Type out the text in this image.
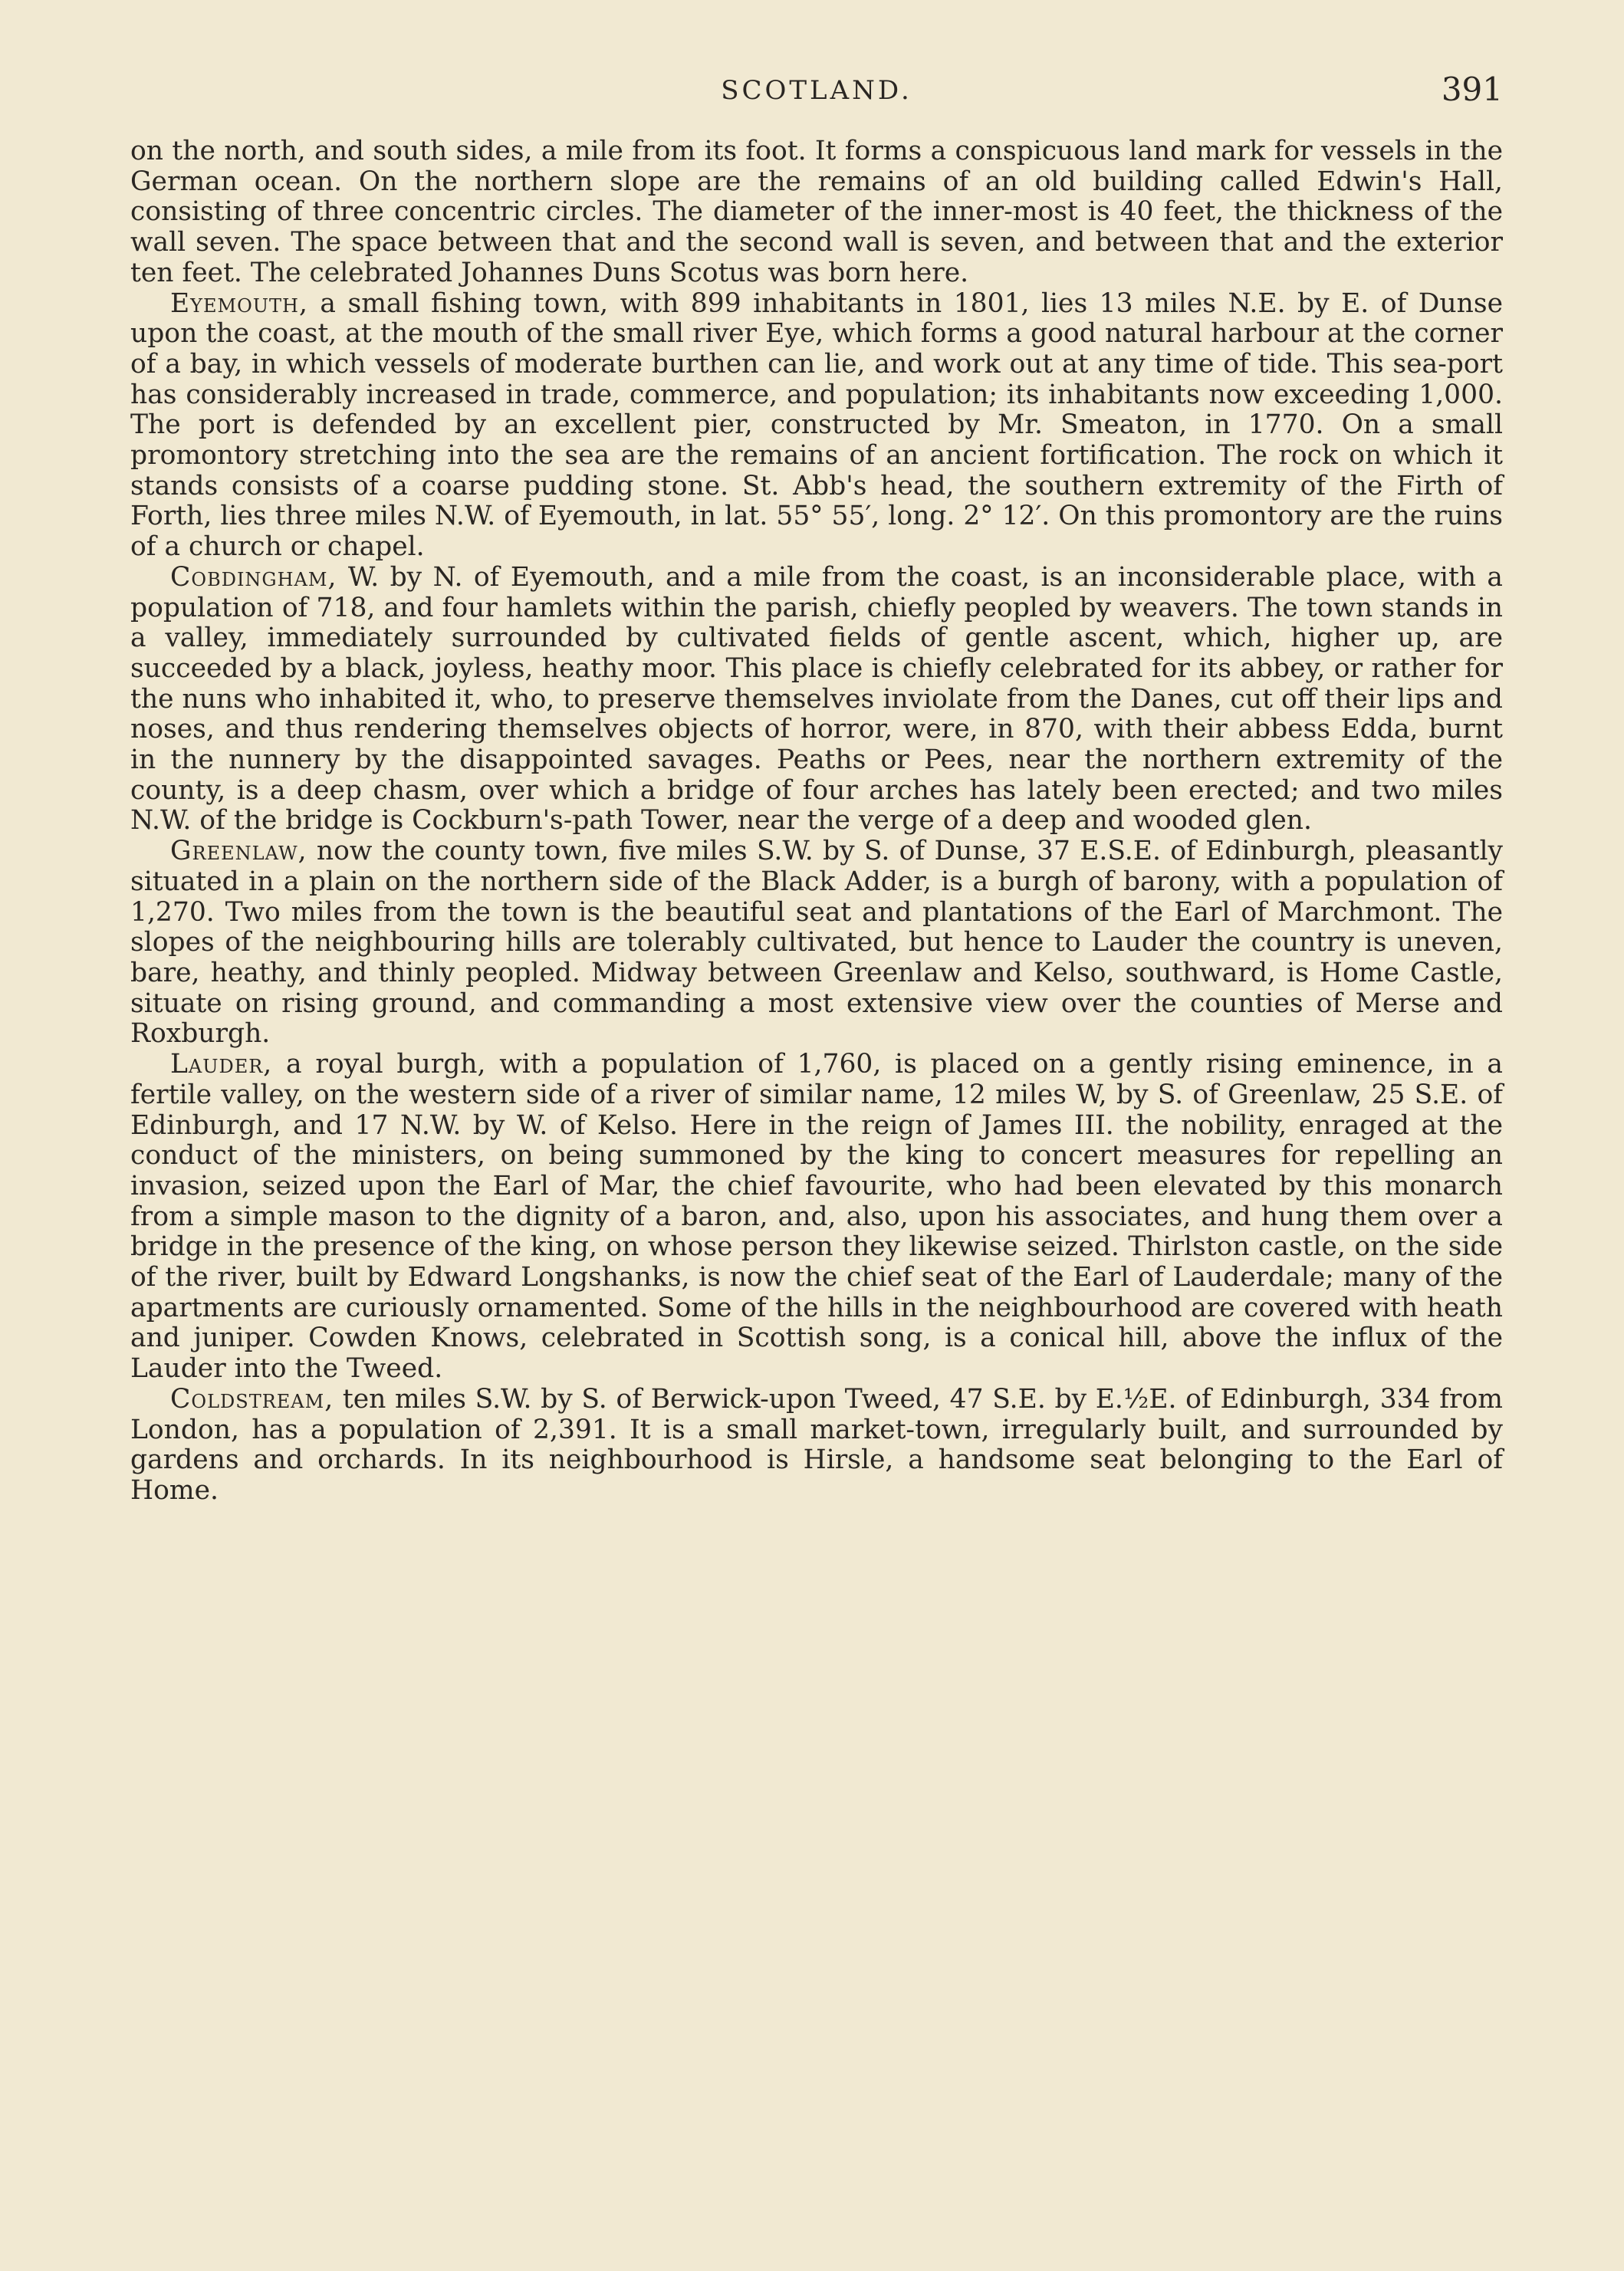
SCOTLAND.	391

on the north, and south sides, a mile from its foot. It forms a conspicuous land mark for vessels in the German ocean. On the northern slope are the remains of an old building called Edwin's Hall, consisting of three concentric circles. The diameter of the inner-most is 40 feet, the thickness of the wall seven. The space between that and the second wall is seven, and between that and the exterior ten feet. The celebrated Johannes Duns Scotus was born here.

Eyemouth, a small fishing town, with 899 inhabitants in 1801, lies 13 miles N.E. by E. of Dunse upon the coast, at the mouth of the small river Eye, which forms a good natural harbour at the corner of a bay, in which vessels of moderate burthen can lie, and work out at any time of tide. This sea-port has considerably increased in trade, commerce, and population; its inhabitants now exceeding 1,000. The port is defended by an excellent pier, constructed by Mr. Smeaton, in 1770. On a small promontory stretching into the sea are the remains of an ancient fortification. The rock on which it stands consists of a coarse pudding stone. St. Abb's head, the southern extremity of the Firth of Forth, lies three miles N.W. of Eyemouth, in lat. 55° 55′, long. 2° 12′. On this promontory are the ruins of a church or chapel.

Cobdingham, W. by N. of Eyemouth, and a mile from the coast, is an inconsiderable place, with a population of 718, and four hamlets within the parish, chiefly peopled by weavers. The town stands in a valley, immediately surrounded by cultivated fields of gentle ascent, which, higher up, are succeeded by a black, joyless, heathy moor. This place is chiefly celebrated for its abbey, or rather for the nuns who inhabited it, who, to preserve themselves inviolate from the Danes, cut off their lips and noses, and thus rendering themselves objects of horror, were, in 870, with their abbess Edda, burnt in the nunnery by the disappointed savages. Peaths or Pees, near the northern extremity of the county, is a deep chasm, over which a bridge of four arches has lately been erected; and two miles N.W. of the bridge is Cockburn's-path Tower, near the verge of a deep and wooded glen.

Greenlaw, now the county town, five miles S.W. by S. of Dunse, 37 E.S.E. of Edinburgh, pleasantly situated in a plain on the northern side of the Black Adder, is a burgh of barony, with a population of 1,270. Two miles from the town is the beautiful seat and plantations of the Earl of Marchmont. The slopes of the neighbouring hills are tolerably cultivated, but hence to Lauder the country is uneven, bare, heathy, and thinly peopled. Midway between Greenlaw and Kelso, southward, is Home Castle, situate on rising ground, and commanding a most extensive view over the counties of Merse and Roxburgh.

Lauder, a royal burgh, with a population of 1,760, is placed on a gently rising eminence, in a fertile valley, on the western side of a river of similar name, 12 miles W, by S. of Greenlaw, 25 S.E. of Edinburgh, and 17 N.W. by W. of Kelso. Here in the reign of James III. the nobility, enraged at the conduct of the ministers, on being summoned by the king to concert measures for repelling an invasion, seized upon the Earl of Mar, the chief favourite, who had been elevated by this monarch from a simple mason to the dignity of a baron, and, also, upon his associates, and hung them over a bridge in the presence of the king, on whose person they likewise seized. Thirlston castle, on the side of the river, built by Edward Longshanks, is now the chief seat of the Earl of Lauderdale; many of the apartments are curiously ornamented. Some of the hills in the neighbourhood are covered with heath and juniper. Cowden Knows, celebrated in Scottish song, is a conical hill, above the influx of the Lauder into the Tweed.

Coldstream, ten miles S.W. by S. of Berwick-upon Tweed, 47 S.E. by E.½E. of Edinburgh, 334 from London, has a population of 2,391. It is a small market-town, irregularly built, and surrounded by gardens and orchards. In its neighbourhood is Hirsle, a handsome seat belonging to the Earl of Home.
